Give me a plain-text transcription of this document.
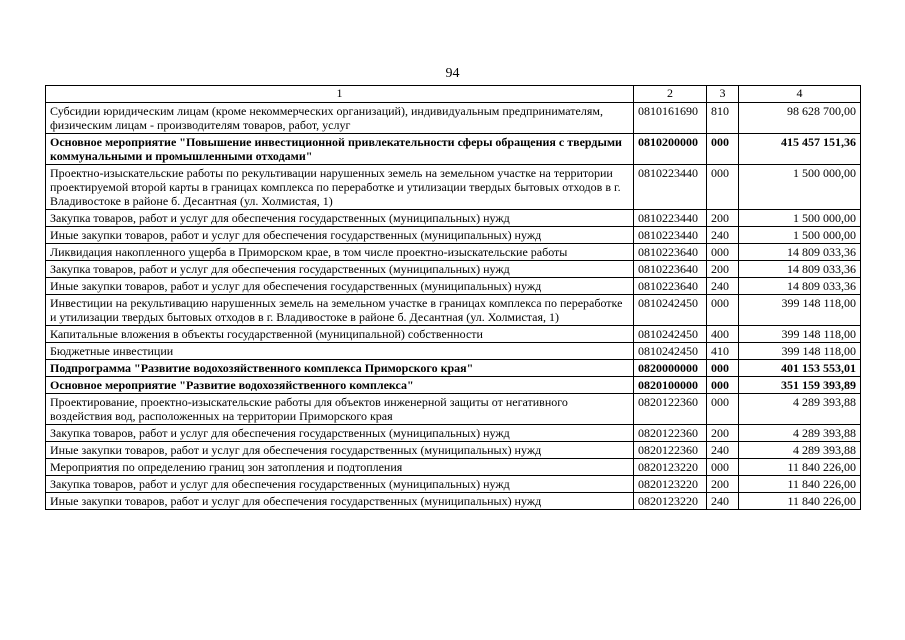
94
1	2	3	4
Субсидии юридическим лицам (кроме некоммерческих организаций), индивидуальным предпринимателям, физическим лицам - производителям товаров, работ, услуг	0810161690	810	98 628 700,00
Основное мероприятие "Повышение инвестиционной привлекательности сферы обращения с твердыми коммунальными и промышленными отходами"	0810200000	000	415 457 151,36
Проектно-изыскательские работы по рекультивации нарушенных земель на земельном участке на территории проектируемой второй карты в границах комплекса по переработке и утилизации твердых бытовых отходов в г. Владивостоке в районе б. Десантная (ул. Холмистая, 1)	0810223440	000	1 500 000,00
Закупка товаров, работ и услуг для обеспечения государственных (муниципальных) нужд	0810223440	200	1 500 000,00
Иные закупки товаров, работ и услуг для обеспечения государственных (муниципальных) нужд	0810223440	240	1 500 000,00
Ликвидация накопленного ущерба в Приморском крае, в том числе проектно-изыскательские работы	0810223640	000	14 809 033,36
Закупка товаров, работ и услуг для обеспечения государственных (муниципальных) нужд	0810223640	200	14 809 033,36
Иные закупки товаров, работ и услуг для обеспечения государственных (муниципальных) нужд	0810223640	240	14 809 033,36
Инвестиции на рекультивацию нарушенных земель на земельном участке в границах комплекса по переработке и утилизации твердых бытовых отходов в г. Владивостоке в районе б. Десантная (ул. Холмистая, 1)	0810242450	000	399 148 118,00
Капитальные вложения в объекты государственной (муниципальной) собственности	0810242450	400	399 148 118,00
Бюджетные инвестиции	0810242450	410	399 148 118,00
Подпрограмма "Развитие водохозяйственного комплекса Приморского края"	0820000000	000	401 153 553,01
Основное мероприятие "Развитие водохозяйственного комплекса"	0820100000	000	351 159 393,89
Проектирование, проектно-изыскательские работы для объектов инженерной защиты от негативного воздействия вод, расположенных на территории Приморского края	0820122360	000	4 289 393,88
Закупка товаров, работ и услуг для обеспечения государственных (муниципальных) нужд	0820122360	200	4 289 393,88
Иные закупки товаров, работ и услуг для обеспечения государственных (муниципальных) нужд	0820122360	240	4 289 393,88
Мероприятия по определению границ зон затопления и подтопления	0820123220	000	11 840 226,00
Закупка товаров, работ и услуг для обеспечения государственных (муниципальных) нужд	0820123220	200	11 840 226,00
Иные закупки товаров, работ и услуг для обеспечения государственных (муниципальных) нужд	0820123220	240	11 840 226,00
